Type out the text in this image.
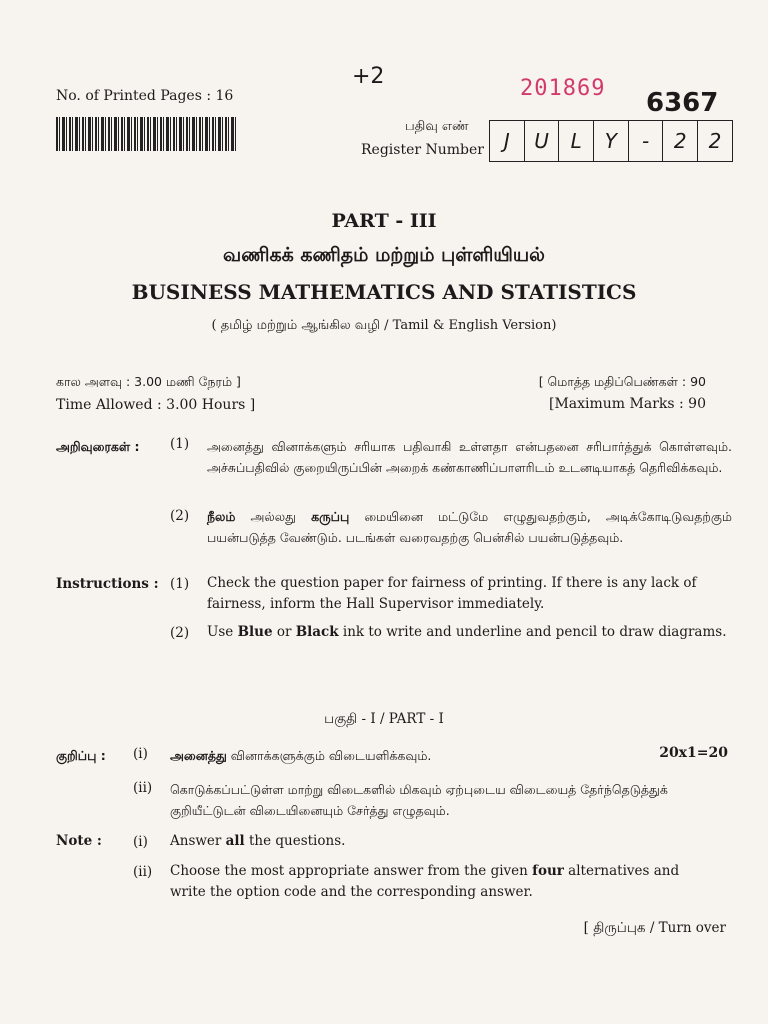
No. of Printed Pages : 16
+2	201869 6367
பதிவு எண்
Register Number J	U	L	Y	-	2	2
PART - III
வணிகக் கணிதம் மற்றும் புள்ளியியல்
BUSINESS MATHEMATICS AND STATISTICS
( தமிழ் மற்றும் ஆங்கில வழி / Tamil & English Version)
கால அளவு : 3.00 மணி நேரம் ]
Time Allowed : 3.00 Hours ]
[ மொத்த மதிப்பெண்கள் : 90
[Maximum Marks : 90
அறிவுரைகள் : (1) அனைத்து வினாக்களும் சரியாக பதிவாகி உள்ளதா என்பதனை சரிபார்த்துக் கொள்ளவும். அச்சுப்பதிவில் குறையிருப்பின் அறைக் கண்காணிப்பாளரிடம் உடனடியாகத் தெரிவிக்கவும்.
(2) நீலம் அல்லது கருப்பு மையினை மட்டுமே எழுதுவதற்கும், அடிக்கோடிடுவதற்கும் பயன்படுத்த வேண்டும். படங்கள் வரைவதற்கு பென்சில் பயன்படுத்தவும்.
Instructions : (1) Check the question paper for fairness of printing. If there is any lack of fairness, inform the Hall Supervisor immediately.
(2) Use Blue or Black ink to write and underline and pencil to draw diagrams.
பகுதி - I / PART - I
20x1=20
குறிப்பு : (i) அனைத்து வினாக்களுக்கும் விடையளிக்கவும்.
(ii) கொடுக்கப்பட்டுள்ள மாற்று விடைகளில் மிகவும் ஏற்புடைய விடையைத் தேர்ந்தெடுத்துக் குறியீட்டுடன் விடையினையும் சேர்த்து எழுதவும்.
Note : (i) Answer all the questions.
(ii) Choose the most appropriate answer from the given four alternatives and write the option code and the corresponding answer.
[ திருப்புக / Turn over
